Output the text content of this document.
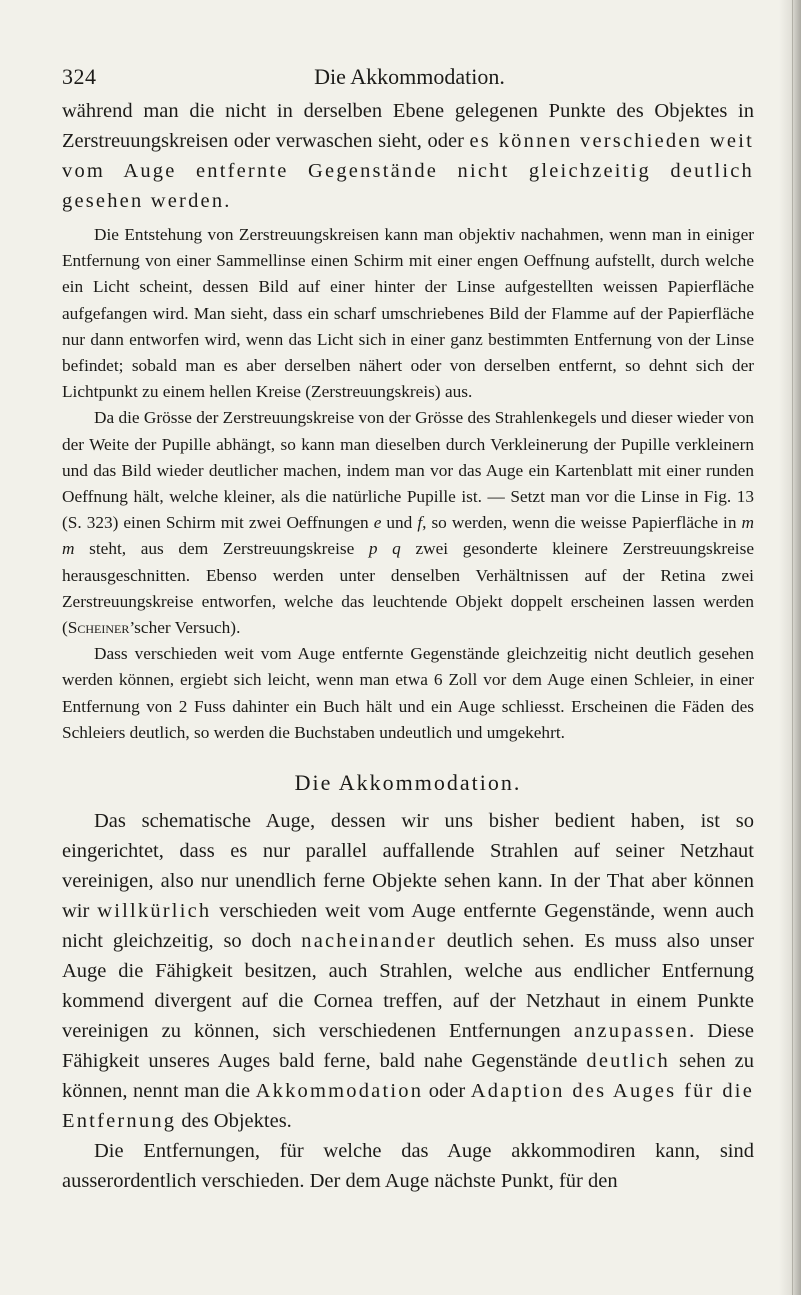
324	Die Akkommodation.

während man die nicht in derselben Ebene gelegenen Punkte des Objektes in Zerstreuungskreisen oder verwaschen sieht, oder es können verschieden weit vom Auge entfernte Gegenstände nicht gleichzeitig deutlich gesehen werden.

Die Entstehung von Zerstreuungskreisen kann man objektiv nachahmen, wenn man in einiger Entfernung von einer Sammellinse einen Schirm mit einer engen Oeffnung aufstellt, durch welche ein Licht scheint, dessen Bild auf einer hinter der Linse aufgestellten weissen Papierfläche aufgefangen wird. Man sieht, dass ein scharf umschriebenes Bild der Flamme auf der Papierfläche nur dann entworfen wird, wenn das Licht sich in einer ganz bestimmten Entfernung von der Linse befindet; sobald man es aber derselben nähert oder von derselben entfernt, so dehnt sich der Lichtpunkt zu einem hellen Kreise (Zerstreuungskreis) aus.

Da die Grösse der Zerstreuungskreise von der Grösse des Strahlenkegels und dieser wieder von der Weite der Pupille abhängt, so kann man dieselben durch Verkleinerung der Pupille verkleinern und das Bild wieder deutlicher machen, indem man vor das Auge ein Kartenblatt mit einer runden Oeffnung hält, welche kleiner, als die natürliche Pupille ist. — Setzt man vor die Linse in Fig. 13 (S. 323) einen Schirm mit zwei Oeffnungen e und f, so werden, wenn die weisse Papierfläche in m m steht, aus dem Zerstreuungskreise p q zwei gesonderte kleinere Zerstreuungskreise herausgeschnitten. Ebenso werden unter denselben Verhältnissen auf der Retina zwei Zerstreuungskreise entworfen, welche das leuchtende Objekt doppelt erscheinen lassen werden (Scheiner’scher Versuch).

Dass verschieden weit vom Auge entfernte Gegenstände gleichzeitig nicht deutlich gesehen werden können, ergiebt sich leicht, wenn man etwa 6 Zoll vor dem Auge einen Schleier, in einer Entfernung von 2 Fuss dahinter ein Buch hält und ein Auge schliesst. Erscheinen die Fäden des Schleiers deutlich, so werden die Buchstaben undeutlich und umgekehrt.

Die Akkommodation.

Das schematische Auge, dessen wir uns bisher bedient haben, ist so eingerichtet, dass es nur parallel auffallende Strahlen auf seiner Netzhaut vereinigen, also nur unendlich ferne Objekte sehen kann. In der That aber können wir willkürlich verschieden weit vom Auge entfernte Gegenstände, wenn auch nicht gleichzeitig, so doch nacheinander deutlich sehen. Es muss also unser Auge die Fähigkeit besitzen, auch Strahlen, welche aus endlicher Entfernung kommend divergent auf die Cornea treffen, auf der Netzhaut in einem Punkte vereinigen zu können, sich verschiedenen Entfernungen anzupassen. Diese Fähigkeit unseres Auges bald ferne, bald nahe Gegenstände deutlich sehen zu können, nennt man die Akkommodation oder Adaption des Auges für die Entfernung des Objektes.

Die Entfernungen, für welche das Auge akkommodiren kann, sind ausserordentlich verschieden. Der dem Auge nächste Punkt, für den
